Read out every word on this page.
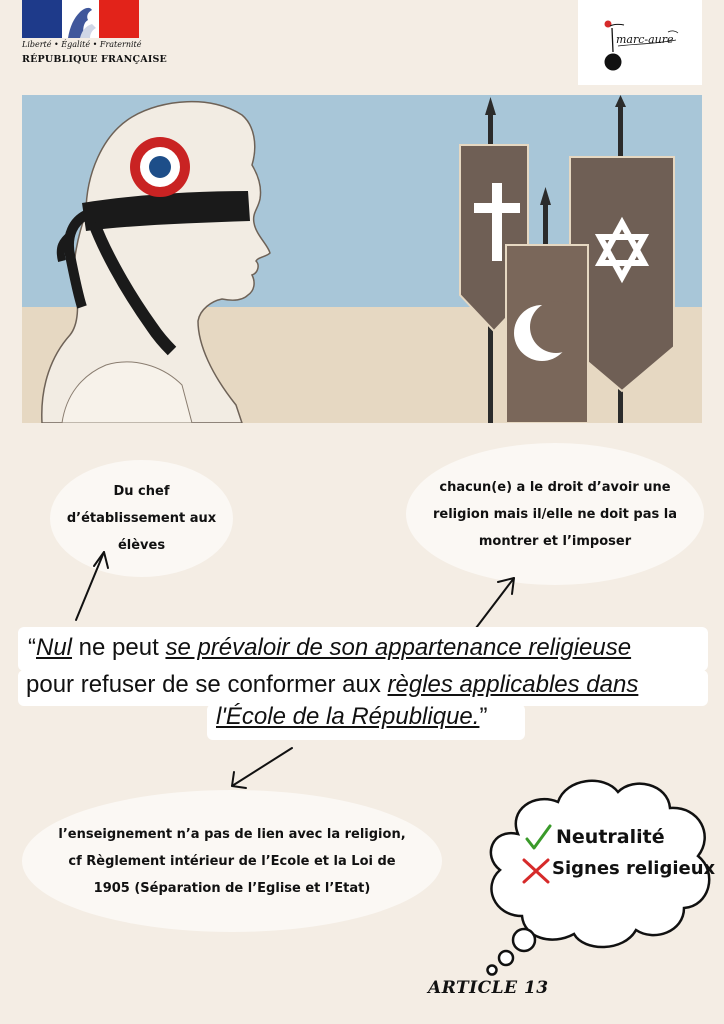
Liberté • Égalité • Fraternité
RÉPUBLIQUE FRANÇAISE
marc-aure
Du chef d’établissement aux élèves
chacun(e) a le droit d’avoir une religion mais il/elle ne doit pas la montrer et l’imposer
l’enseignement n’a pas de lien avec la religion, cf Règlement intérieur de l’Ecole et la Loi de 1905 (Séparation de l’Eglise et l’Etat)
“Nul ne peut se prévaloir de son appartenance religieuse
pour refuser de se conformer aux règles applicables dans
l'École de la République.”
Neutralité
Signes religieux
ARTICLE 13
